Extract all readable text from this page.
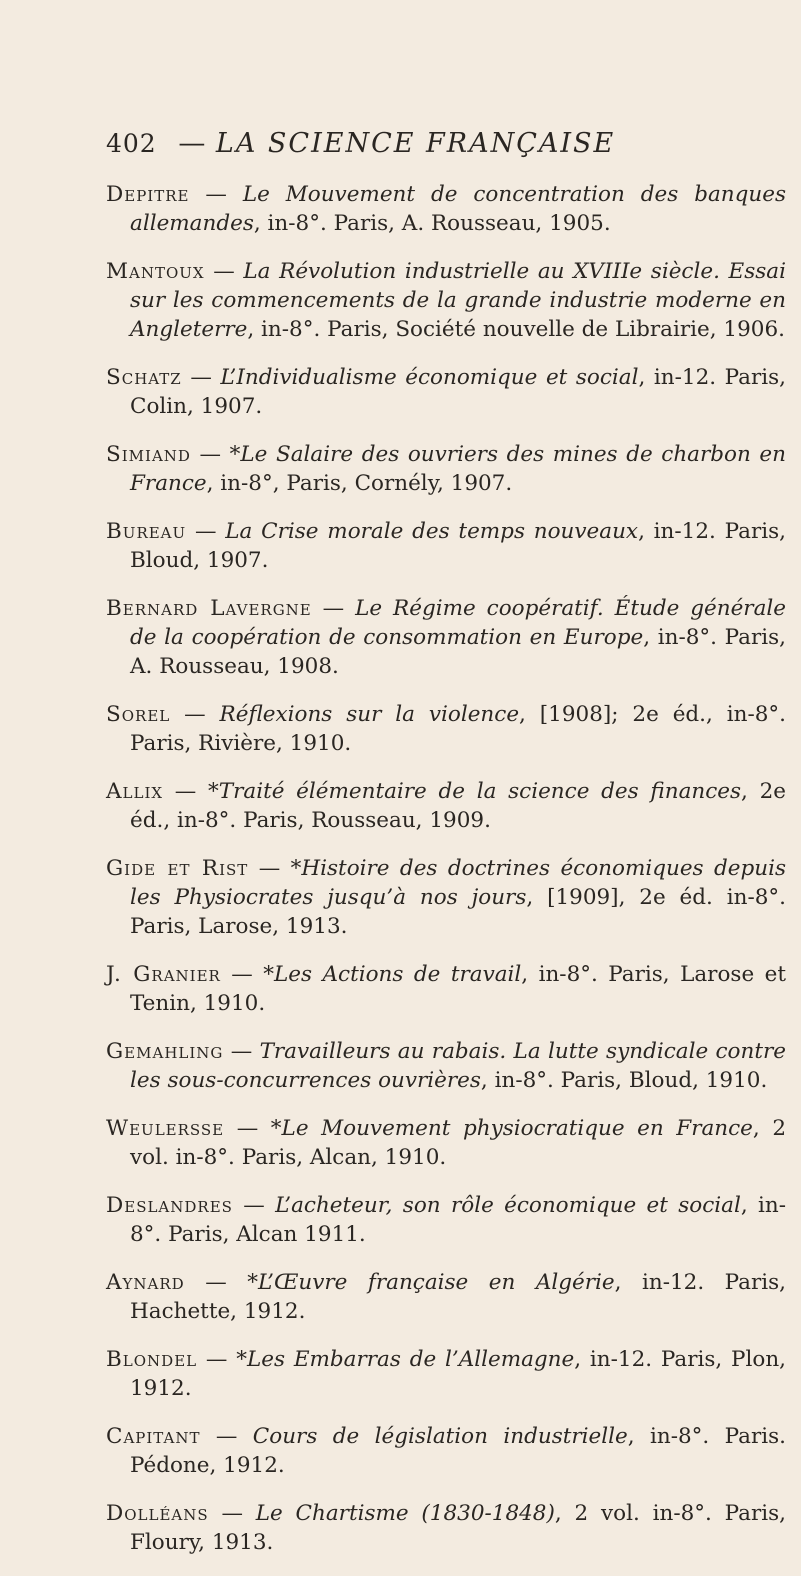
402 — LA SCIENCE FRANÇAISE
Depitre — Le Mouvement de concentration des banques allemandes, in-8°. Paris, A. Rousseau, 1905.
Mantoux — La Révolution industrielle au XVIIIe siècle. Essai sur les commencements de la grande industrie moderne en Angleterre, in-8°. Paris, Société nouvelle de Librairie, 1906.
Schatz — L’Individualisme économique et social, in-12. Paris, Colin, 1907.
Simiand — *Le Salaire des ouvriers des mines de charbon en France, in-8°, Paris, Cornély, 1907.
Bureau — La Crise morale des temps nouveaux, in-12. Paris, Bloud, 1907.
Bernard Lavergne — Le Régime coopératif. Étude générale de la coopération de consommation en Europe, in-8°. Paris, A. Rousseau, 1908.
Sorel — Réflexions sur la violence, [1908]; 2e éd., in-8°. Paris, Rivière, 1910.
Allix — *Traité élémentaire de la science des finances, 2e éd., in-8°. Paris, Rousseau, 1909.
Gide et Rist — *Histoire des doctrines économiques depuis les Physiocrates jusqu’à nos jours, [1909], 2e éd. in-8°. Paris, Larose, 1913.
J. Granier — *Les Actions de travail, in-8°. Paris, Larose et Tenin, 1910.
Gemahling — Travailleurs au rabais. La lutte syndicale contre les sous-concurrences ouvrières, in-8°. Paris, Bloud, 1910.
Weulersse — *Le Mouvement physiocratique en France, 2 vol. in-8°. Paris, Alcan, 1910.
Deslandres — L’acheteur, son rôle économique et social, in-8°. Paris, Alcan 1911.
Aynard — *L’Œuvre française en Algérie, in-12. Paris, Hachette, 1912.
Blondel — *Les Embarras de l’Allemagne, in-12. Paris, Plon, 1912.
Capitant — Cours de législation industrielle, in-8°. Paris. Pédone, 1912.
Dolléans — Le Chartisme (1830-1848), 2 vol. in-8°. Paris, Floury, 1913.
